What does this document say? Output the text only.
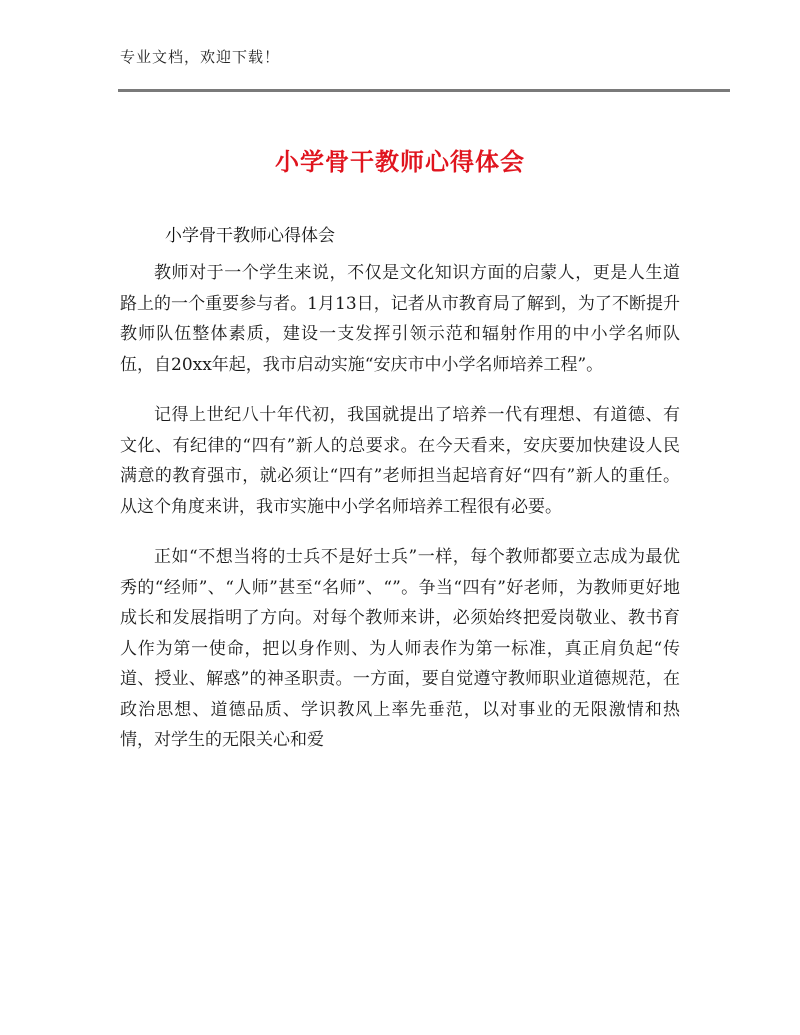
专业文档，欢迎下载！
小学骨干教师心得体会
小学骨干教师心得体会

教师对于一个学生来说，不仅是文化知识方面的启蒙人，更是人生道路上的一个重要参与者。1月13日，记者从市教育局了解到，为了不断提升教师队伍整体素质，建设一支发挥引领示范和辐射作用的中小学名师队伍，自20xx年起，我市启动实施“安庆市中小学名师培养工程”。

记得上世纪八十年代初，我国就提出了培养一代有理想、有道德、有文化、有纪律的“四有”新人的总要求。在今天看来，安庆要加快建设人民满意的教育强市，就必须让“四有”老师担当起培育好“四有”新人的重任。从这个角度来讲，我市实施中小学名师培养工程很有必要。

正如“不想当将的士兵不是好士兵”一样，每个教师都要立志成为最优秀的“经师”、“人师”甚至“名师”、“”。争当“四有”好老师，为教师更好地成长和发展指明了方向。对每个教师来讲，必须始终把爱岗敬业、教书育人作为第一使命，把以身作则、为人师表作为第一标准，真正肩负起“传道、授业、解惑”的神圣职责。一方面，要自觉遵守教师职业道德规范，在政治思想、道德品质、学识教风上率先垂范，以对事业的无限激情和热情，对学生的无限关心和爱
